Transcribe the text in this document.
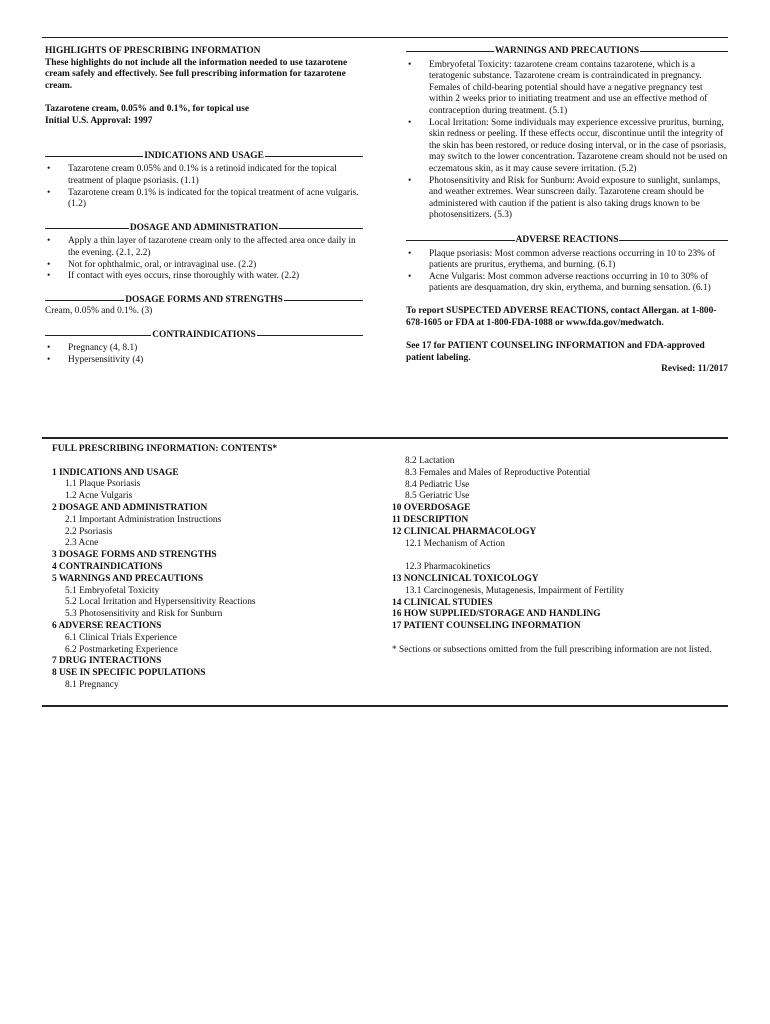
HIGHLIGHTS OF PRESCRIBING INFORMATION
These highlights do not include all the information needed to use tazarotene cream safely and effectively. See full prescribing information for tazarotene cream.
Tazarotene cream, 0.05% and 0.1%, for topical use
Initial U.S. Approval: 1997
INDICATIONS AND USAGE
• Tazarotene cream 0.05% and 0.1% is a retinoid indicated for the topical treatment of plaque psoriasis. (1.1)
• Tazarotene cream 0.1% is indicated for the topical treatment of acne vulgaris. (1.2)
DOSAGE AND ADMINISTRATION
• Apply a thin layer of tazarotene cream only to the affected area once daily in the evening. (2.1, 2.2)
• Not for ophthalmic, oral, or intravaginal use. (2.2)
• If contact with eyes occurs, rinse thoroughly with water. (2.2)
DOSAGE FORMS AND STRENGTHS
Cream, 0.05% and 0.1%. (3)
CONTRAINDICATIONS
• Pregnancy (4, 8.1)
• Hypersensitivity (4)
WARNINGS AND PRECAUTIONS
• Embryofetal Toxicity: tazarotene cream contains tazarotene, which is a teratogenic substance. Tazarotene cream is contraindicated in pregnancy. Females of child-bearing potential should have a negative pregnancy test within 2 weeks prior to initiating treatment and use an effective method of contraception during treatment. (5.1)
• Local Irritation: Some individuals may experience excessive pruritus, burning, skin redness or peeling. If these effects occur, discontinue until the integrity of the skin has been restored, or reduce dosing interval, or in the case of psoriasis, may switch to the lower concentration. Tazarotene cream should not be used on eczematous skin, as it may cause severe irritation. (5.2)
• Photosensitivity and Risk for Sunburn: Avoid exposure to sunlight, sunlamps, and weather extremes. Wear sunscreen daily. Tazarotene cream should be administered with caution if the patient is also taking drugs known to be photosensitizers. (5.3)
ADVERSE REACTIONS
• Plaque psoriasis: Most common adverse reactions occurring in 10 to 23% of patients are pruritus, erythema, and burning. (6.1)
• Acne Vulgaris: Most common adverse reactions occurring in 10 to 30% of patients are desquamation, dry skin, erythema, and burning sensation. (6.1)
To report SUSPECTED ADVERSE REACTIONS, contact Allergan. at 1-800-678-1605 or FDA at 1-800-FDA-1088 or www.fda.gov/medwatch.
See 17 for PATIENT COUNSELING INFORMATION and FDA-approved patient labeling.
Revised: 11/2017
FULL PRESCRIBING INFORMATION: CONTENTS*
1 INDICATIONS AND USAGE
1.1 Plaque Psoriasis
1.2 Acne Vulgaris
2 DOSAGE AND ADMINISTRATION
2.1 Important Administration Instructions
2.2 Psoriasis
2.3 Acne
3 DOSAGE FORMS AND STRENGTHS
4 CONTRAINDICATIONS
5 WARNINGS AND PRECAUTIONS
5.1 Embryofetal Toxicity
5.2 Local Irritation and Hypersensitivity Reactions
5.3 Photosensitivity and Risk for Sunburn
6 ADVERSE REACTIONS
6.1 Clinical Trials Experience
6.2 Postmarketing Experience
7 DRUG INTERACTIONS
8 USE IN SPECIFIC POPULATIONS
8.1 Pregnancy
8.2 Lactation
8.3 Females and Males of Reproductive Potential
8.4 Pediatric Use
8.5 Geriatric Use
10 OVERDOSAGE
11 DESCRIPTION
12 CLINICAL PHARMACOLOGY
12.1 Mechanism of Action
12.3 Pharmacokinetics
13 NONCLINICAL TOXICOLOGY
13.1 Carcinogenesis, Mutagenesis, Impairment of Fertility
14 CLINICAL STUDIES
16 HOW SUPPLIED/STORAGE AND HANDLING
17 PATIENT COUNSELING INFORMATION
* Sections or subsections omitted from the full prescribing information are not listed.
